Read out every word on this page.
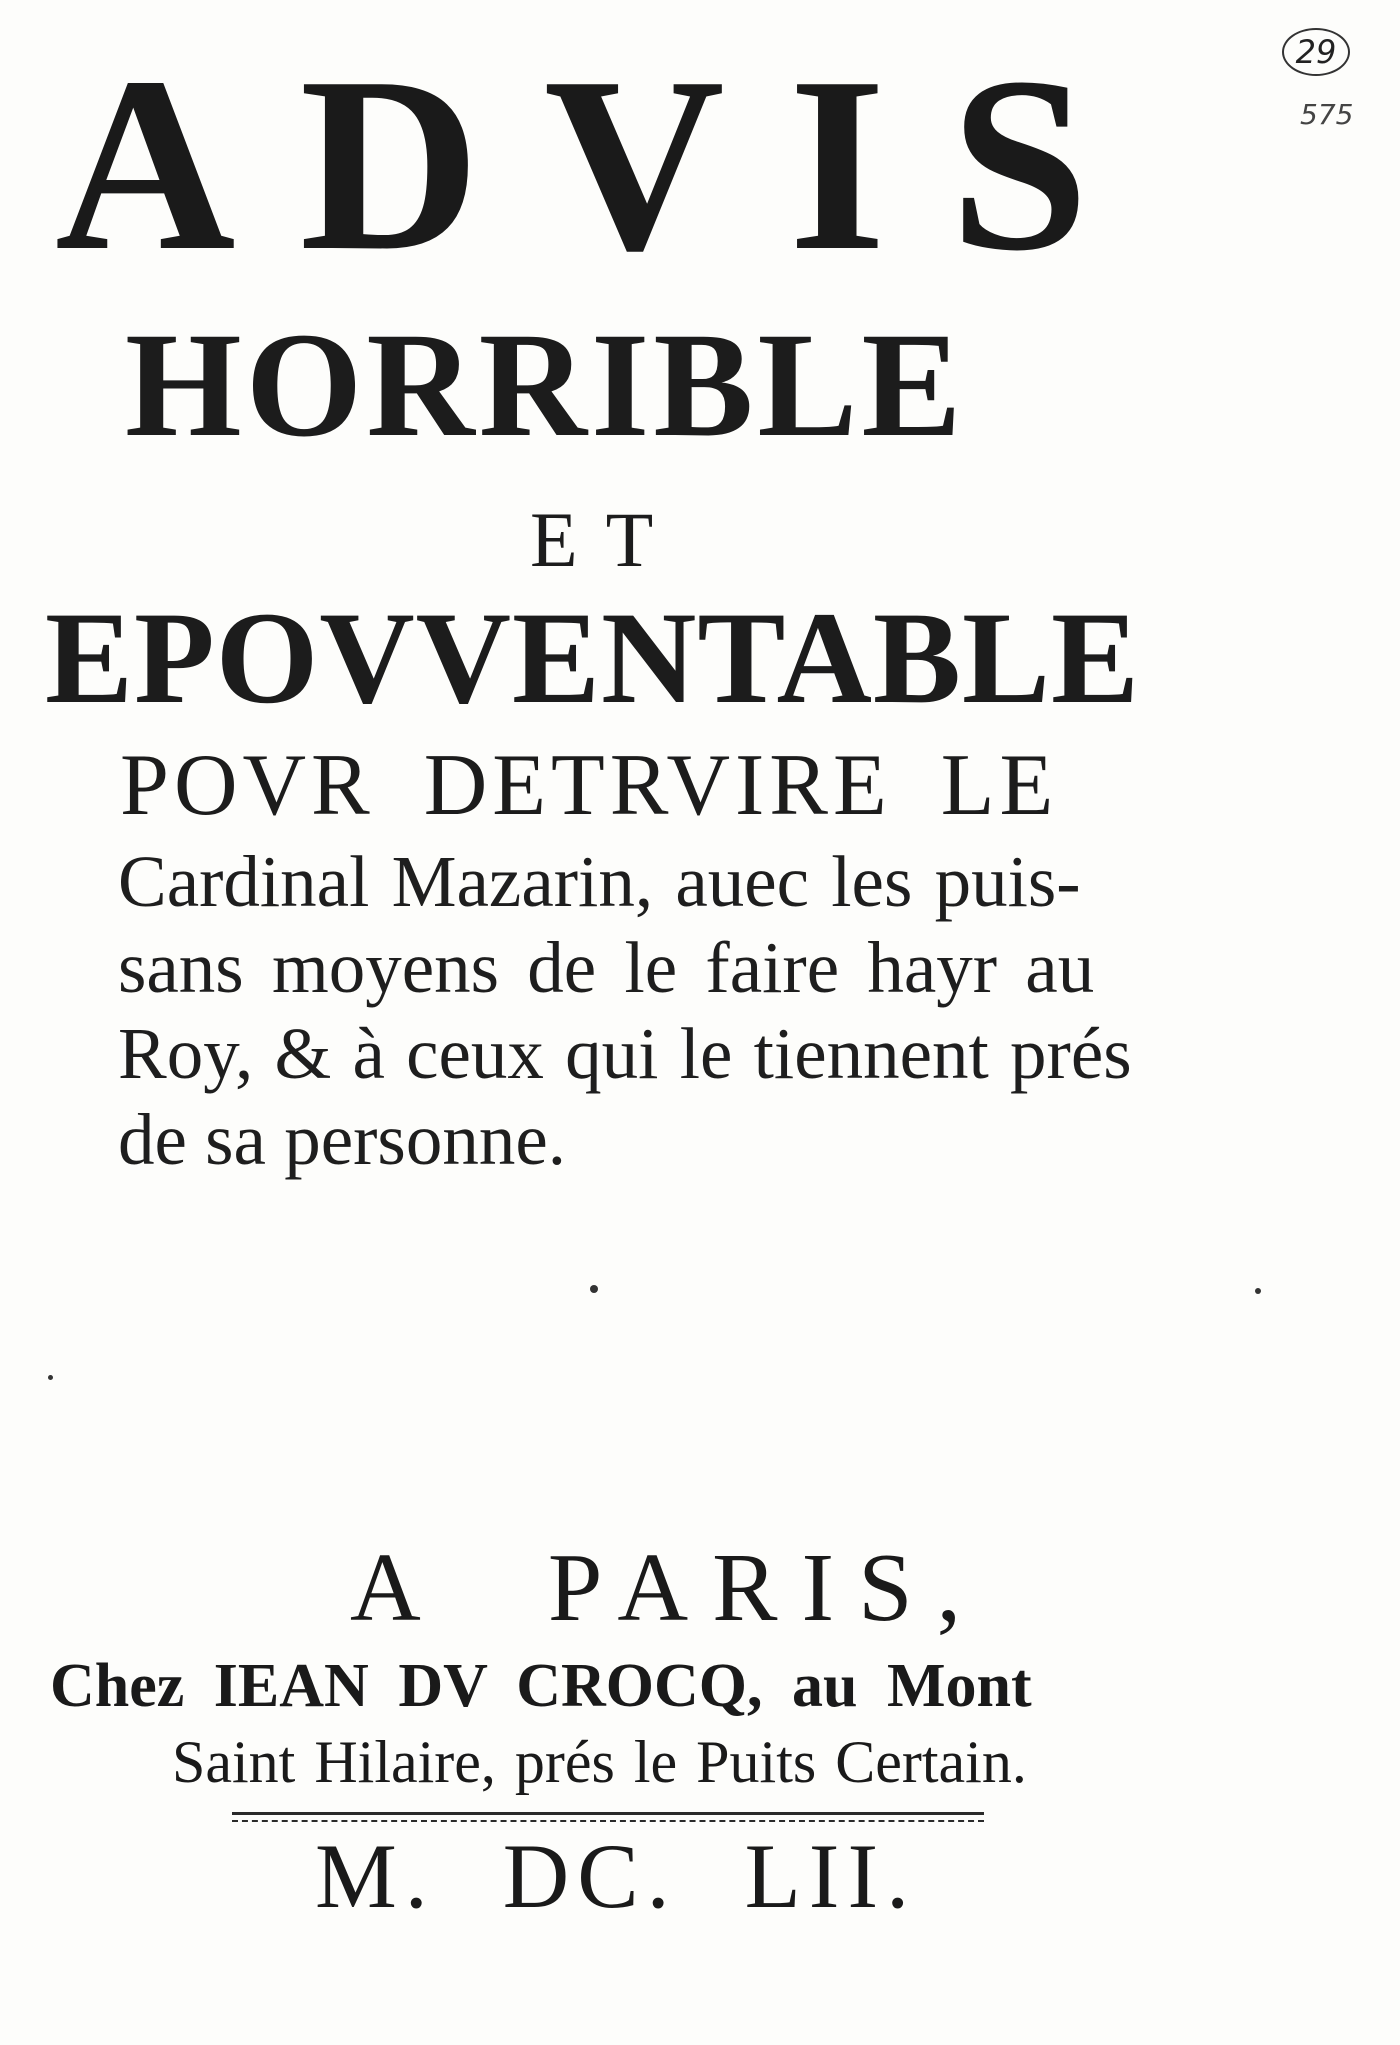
29
575
ADVIS
HORRIBLE
ET
EPOVVENTABLE
POVR DETRVIRE LE
Cardinal Mazarin, auec les puis-
sans moyens de le faire hayr au
Roy, & à ceux qui le tiennent prés
de sa personne.
A PARIS,
Chez IEAN DV CROCQ, au Mont
Saint Hilaire, prés le Puits Certain.
M. DC. LII.
